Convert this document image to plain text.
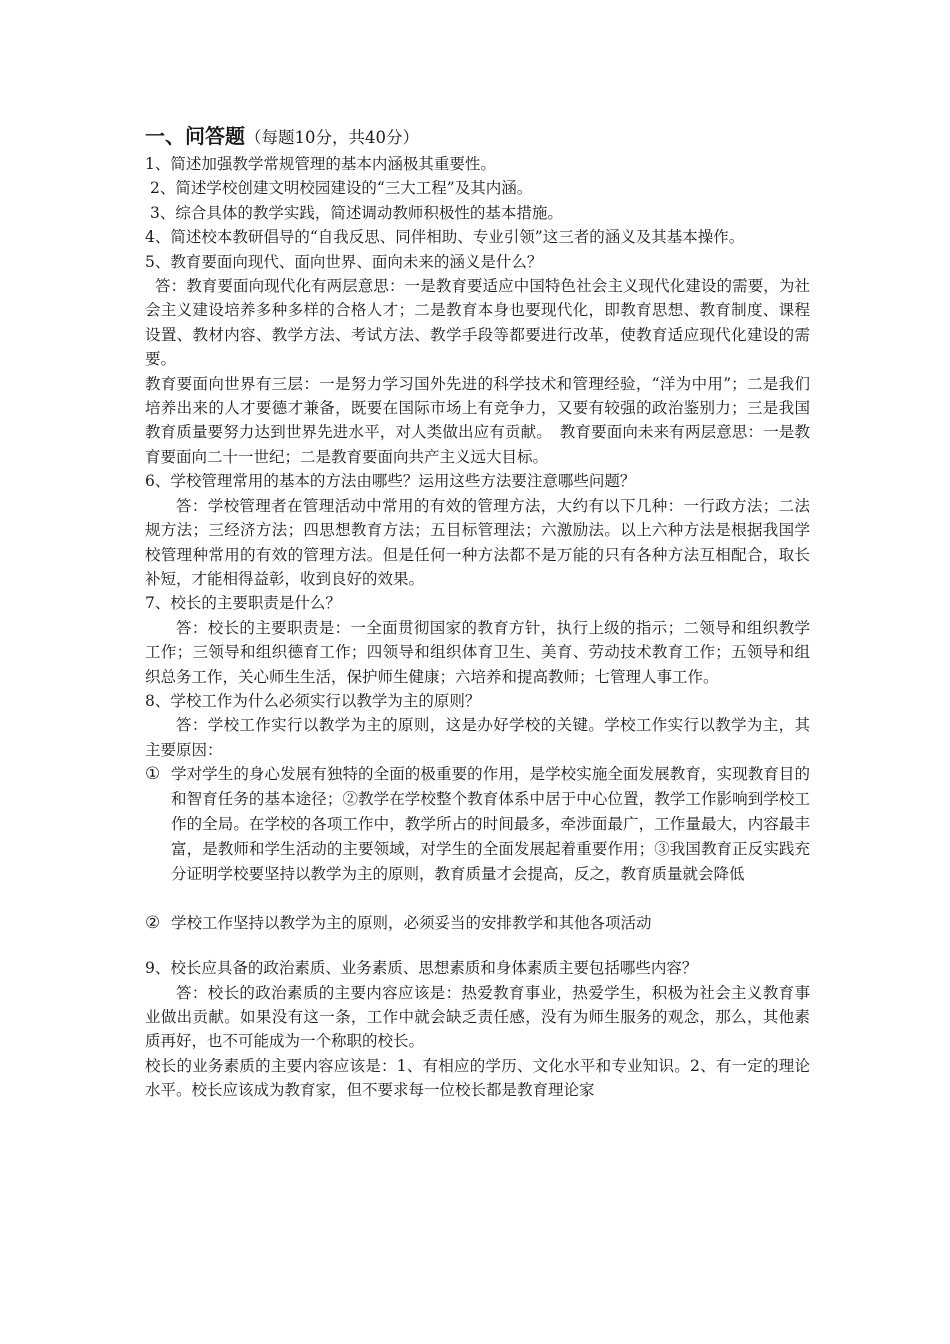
一、问答题（每题10分，共40分）

1、简述加强教学常规管理的基本内涵极其重要性。

2、简述学校创建文明校园建设的“三大工程”及其内涵。

3、综合具体的教学实践，简述调动教师积极性的基本措施。

4、简述校本教研倡导的“自我反思、同伴相助、专业引领”这三者的涵义及其基本操作。

5、教育要面向现代、面向世界、面向未来的涵义是什么？

答：教育要面向现代化有两层意思：一是教育要适应中国特色社会主义现代化建设的需要，为社会主义建设培养多种多样的合格人才；二是教育本身也要现代化，即教育思想、教育制度、课程设置、教材内容、教学方法、考试方法、教学手段等都要进行改革，使教育适应现代化建设的需要。

教育要面向世界有三层：一是努力学习国外先进的科学技术和管理经验，“洋为中用”；二是我们培养出来的人才要德才兼备，既要在国际市场上有竞争力，又要有较强的政治鉴别力；三是我国教育质量要努力达到世界先进水平，对人类做出应有贡献。　教育要面向未来有两层意思：一是教育要面向二十一世纪；二是教育要面向共产主义远大目标。

6、学校管理常用的基本的方法由哪些？运用这些方法要注意哪些问题？

答：学校管理者在管理活动中常用的有效的管理方法，大约有以下几种：一行政方法；二法规方法；三经济方法；四思想教育方法；五目标管理法；六激励法。以上六种方法是根据我国学校管理种常用的有效的管理方法。但是任何一种方法都不是万能的只有各种方法互相配合，取长补短，才能相得益彰，收到良好的效果。

7、校长的主要职责是什么？

答：校长的主要职责是：一全面贯彻国家的教育方针，执行上级的指示；二领导和组织教学工作；三领导和组织德育工作；四领导和组织体育卫生、美育、劳动技术教育工作；五领导和组织总务工作，关心师生生活，保护师生健康；六培养和提高教师；七管理人事工作。

8、学校工作为什么必须实行以教学为主的原则？

答：学校工作实行以教学为主的原则，这是办好学校的关键。学校工作实行以教学为主，其主要原因：

① 学对学生的身心发展有独特的全面的极重要的作用，是学校实施全面发展教育，实现教育目的和智育任务的基本途径；②教学在学校整个教育体系中居于中心位置，教学工作影响到学校工作的全局。在学校的各项工作中，教学所占的时间最多，牵涉面最广，工作量最大，内容最丰富，是教师和学生活动的主要领域，对学生的全面发展起着重要作用；③我国教育正反实践充分证明学校要坚持以教学为主的原则，教育质量才会提高，反之，教育质量就会降低
② 学校工作坚持以教学为主的原则，必须妥当的安排教学和其他各项活动

9、校长应具备的政治素质、业务素质、思想素质和身体素质主要包括哪些内容？

答：校长的政治素质的主要内容应该是：热爱教育事业，热爱学生，积极为社会主义教育事业做出贡献。如果没有这一条，工作中就会缺乏责任感，没有为师生服务的观念，那么，其他素质再好，也不可能成为一个称职的校长。

校长的业务素质的主要内容应该是：1、有相应的学历、文化水平和专业知识。2、有一定的理论水平。校长应该成为教育家，但不要求每一位校长都是教育理论家
